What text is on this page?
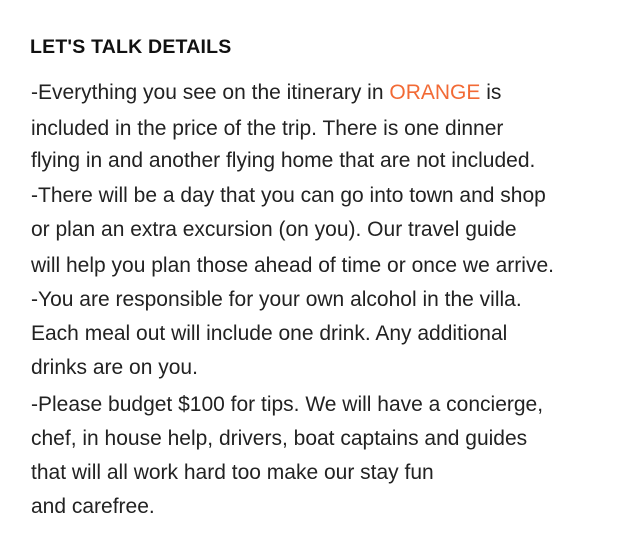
LET'S TALK DETAILS

-Everything you see on the itinerary in ORANGE is

included in the price of the trip. There is one dinner

flying in and another flying home that are not included.

-There will be a day that you can go into town and shop

or plan an extra excursion (on you). Our travel guide

will help you plan those ahead of time or once we arrive.

-You are responsible for your own alcohol in the villa.

Each meal out will include one drink. Any additional

drinks are on you.

-Please budget $100 for tips. We will have a concierge,

chef, in house help, drivers, boat captains and guides

that will all work hard too make our stay fun

and carefree.
